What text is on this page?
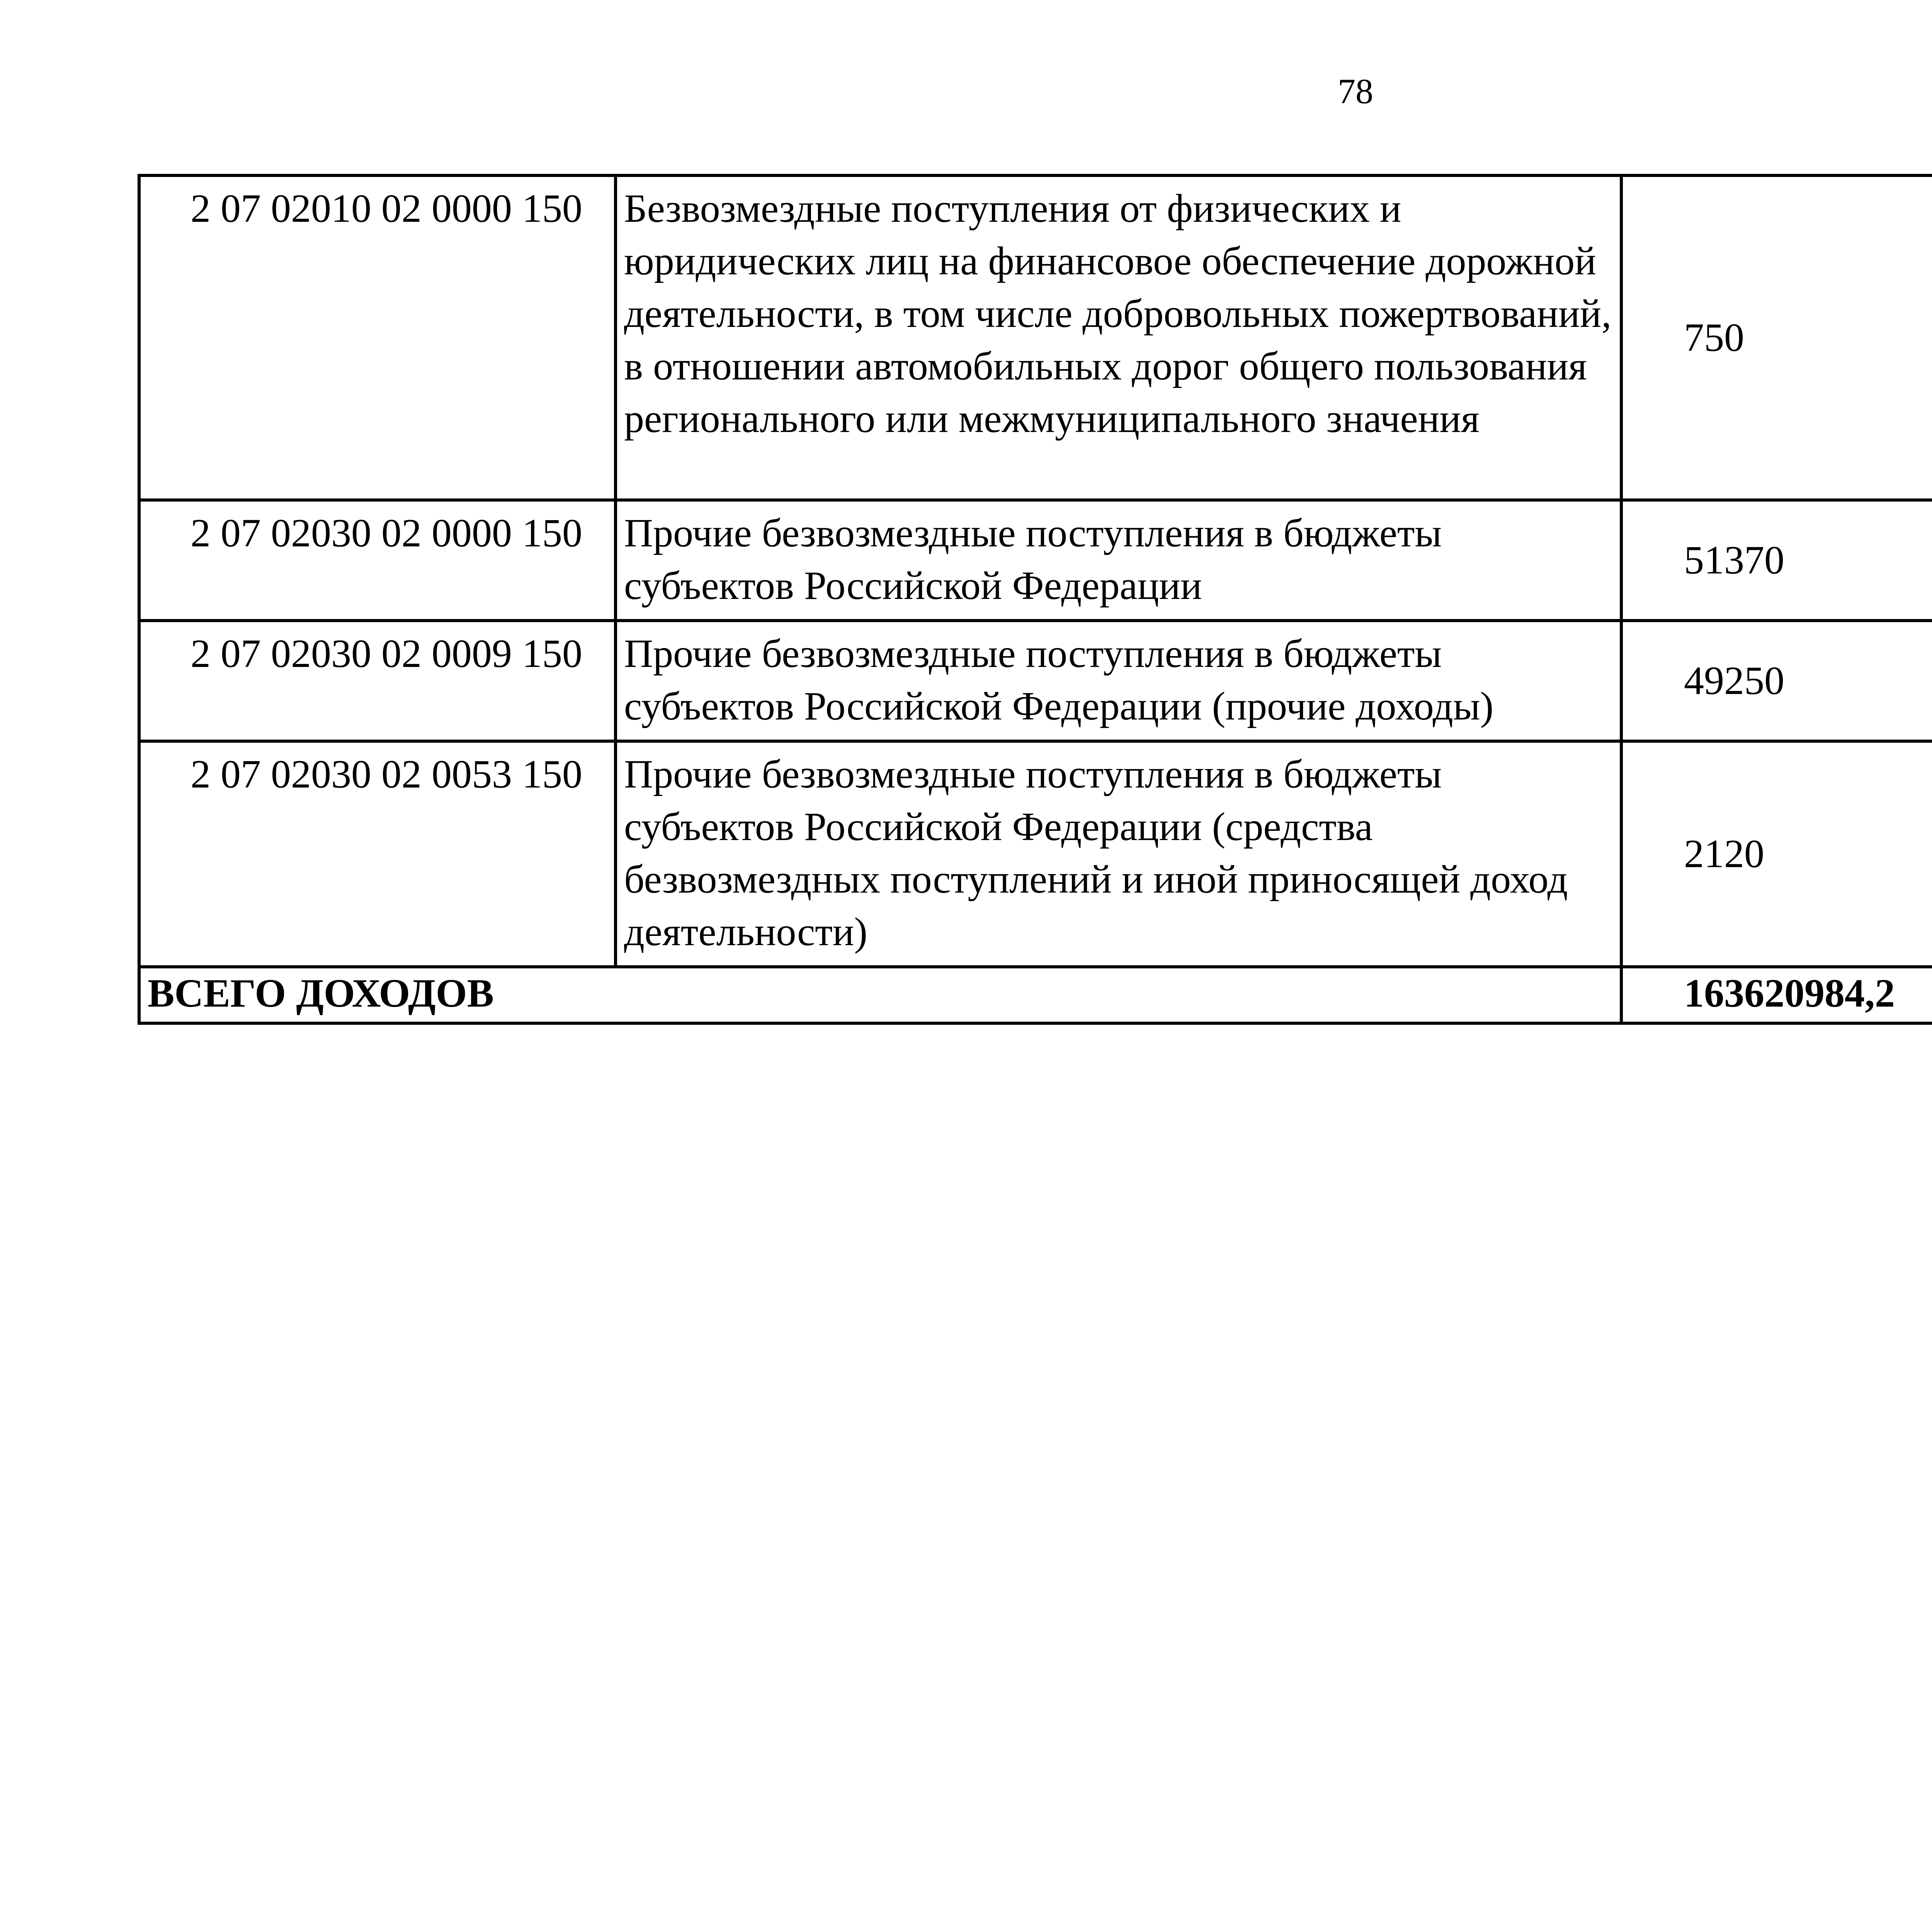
78
2 07 02010 02 0000 150	Безвозмездные поступления от физических и юридических лиц на финансовое обеспечение дорожной деятельности, в том числе добровольных пожертвований, в отношении автомобильных дорог общего пользования регионального или межмуниципального значения	750		
2 07 02030 02 0000 150	Прочие безвозмездные поступления в бюджеты субъектов Российской Федерации	51370		
2 07 02030 02 0009 150	Прочие безвозмездные поступления в бюджеты субъектов Российской Федерации (прочие доходы)	49250		
2 07 02030 02 0053 150	Прочие безвозмездные поступления в бюджеты субъектов Российской Федерации (средства безвозмездных поступлений и иной приносящей доход деятельности)	2120		
ВСЕГО ДОХОДОВ		163620984,2		
